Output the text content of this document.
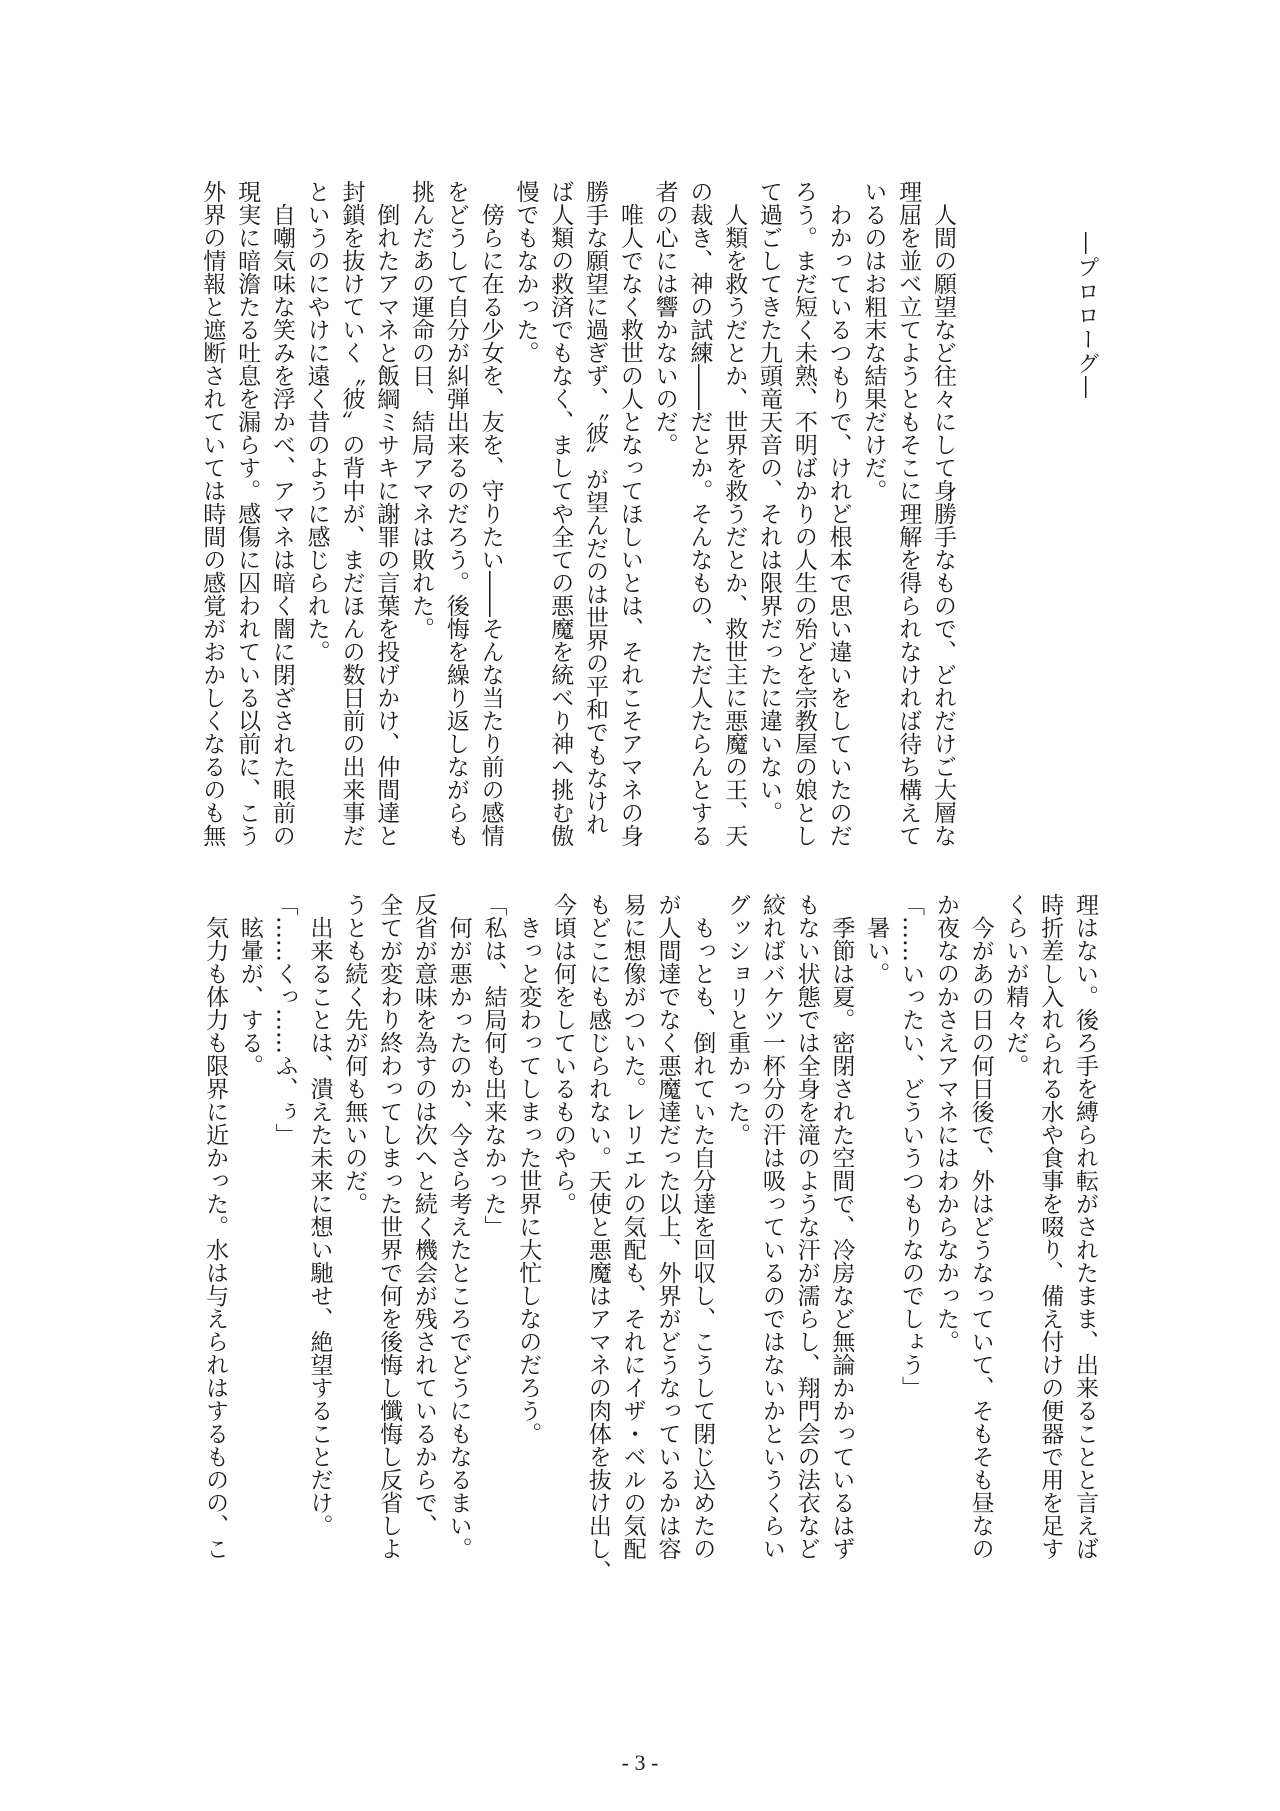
―プロローグ―
　人間の願望など往々にして身勝手なもので、どれだけご大層な
理屈を並べ立てようともそこに理解を得られなければ待ち構えて
いるのはお粗末な結果だけだ。
　わかっているつもりで、けれど根本で思い違いをしていたのだ
ろう。まだ短く未熟、不明ばかりの人生の殆どを宗教屋の娘とし
て過ごしてきた九頭竜天音の、それは限界だったに違いない。
　人類を救うだとか、世界を救うだとか、救世主に悪魔の王、天
の裁き、神の試練――だとか。そんなもの、ただ人たらんとする
者の心には響かないのだ。
　唯人でなく救世の人となってほしいとは、それこそアマネの身
勝手な願望に過ぎず、〝彼〟が望んだのは世界の平和でもなけれ
ば人類の救済でもなく、ましてや全ての悪魔を統べり神へ挑む傲
慢でもなかった。
　傍らに在る少女を、友を、守りたい――そんな当たり前の感情
をどうして自分が糾弾出来るのだろう。後悔を繰り返しながらも
挑んだあの運命の日、結局アマネは敗れた。
　倒れたアマネと飯綱ミサキに謝罪の言葉を投げかけ、仲間達と
封鎖を抜けていく〝彼〟の背中が、まだほんの数日前の出来事だ
というのにやけに遠く昔のように感じられた。
　自嘲気味な笑みを浮かべ、アマネは暗く闇に閉ざされた眼前の
現実に暗澹たる吐息を漏らす。感傷に囚われている以前に、こう
外界の情報と遮断されていては時間の感覚がおかしくなるのも無
理はない。後ろ手を縛られ転がされたまま、出来ることと言えば
時折差し入れられる水や食事を啜り、備え付けの便器で用を足す
くらいが精々だ。
　今があの日の何日後で、外はどうなっていて、そもそも昼なの
か夜なのかさえアマネにはわからなかった。
「……いったい、どういうつもりなのでしょう」
　暑い。
　季節は夏。密閉された空間で、冷房など無論かかっているはず
もない状態では全身を滝のような汗が濡らし、翔門会の法衣など
絞ればバケツ一杯分の汗は吸っているのではないかというくらい
グッショリと重かった。
　もっとも、倒れていた自分達を回収し、こうして閉じ込めたの
が人間達でなく悪魔達だった以上、外界がどうなっているかは容
易に想像がついた。レリエルの気配も、それにイザ・ベルの気配
もどこにも感じられない。天使と悪魔はアマネの肉体を抜け出し、
今頃は何をしているものやら。
　きっと変わってしまった世界に大忙しなのだろう。
「私は、結局何も出来なかった」
　何が悪かったのか、今さら考えたところでどうにもなるまい。
反省が意味を為すのは次へと続く機会が残されているからで、
全てが変わり終わってしまった世界で何を後悔し懺悔し反省しよ
うとも続く先が何も無いのだ。
　出来ることは、潰えた未来に想い馳せ、絶望することだけ。
「……くっ……ふ、ぅ」
　眩暈が、する。
　気力も体力も限界に近かった。水は与えられはするものの、こ
- 3 -
